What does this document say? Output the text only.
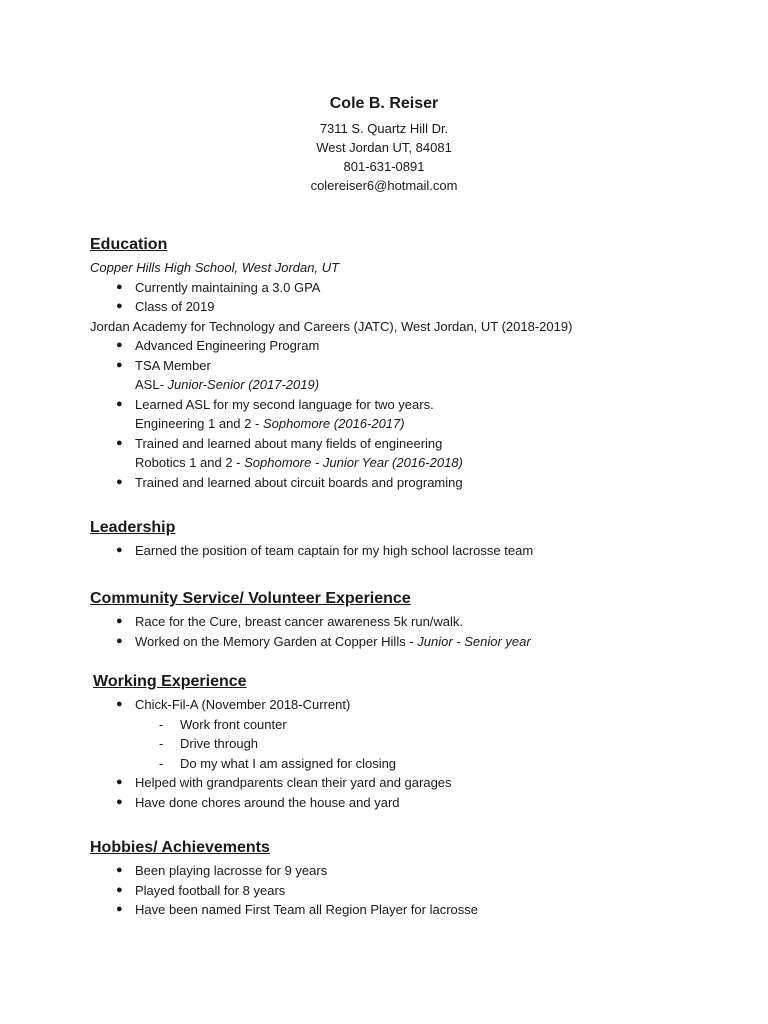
Cole B. Reiser
7311 S. Quartz Hill Dr.
West Jordan UT, 84081
801-631-0891
colereiser6@hotmail.com
Education
Copper Hills High School, West Jordan, UT
● Currently maintaining a 3.0 GPA
● Class of 2019
Jordan Academy for Technology and Careers (JATC), West Jordan, UT (2018-2019)
● Advanced Engineering Program
● TSA Member
ASL- Junior-Senior (2017-2019)
● Learned ASL for my second language for two years.
Engineering 1 and 2 - Sophomore (2016-2017)
● Trained and learned about many fields of engineering
Robotics 1 and 2 - Sophomore - Junior Year (2016-2018)
● Trained and learned about circuit boards and programing
Leadership
● Earned the position of team captain for my high school lacrosse team
Community Service/ Volunteer Experience
● Race for the Cure, breast cancer awareness 5k run/walk.
● Worked on the Memory Garden at Copper Hills - Junior - Senior year
Working Experience
● Chick-Fil-A (November 2018-Current)
- Work front counter
- Drive through
- Do my what I am assigned for closing
● Helped with grandparents clean their yard and garages
● Have done chores around the house and yard
Hobbies/ Achievements
● Been playing lacrosse for 9 years
● Played football for 8 years
● Have been named First Team all Region Player for lacrosse
